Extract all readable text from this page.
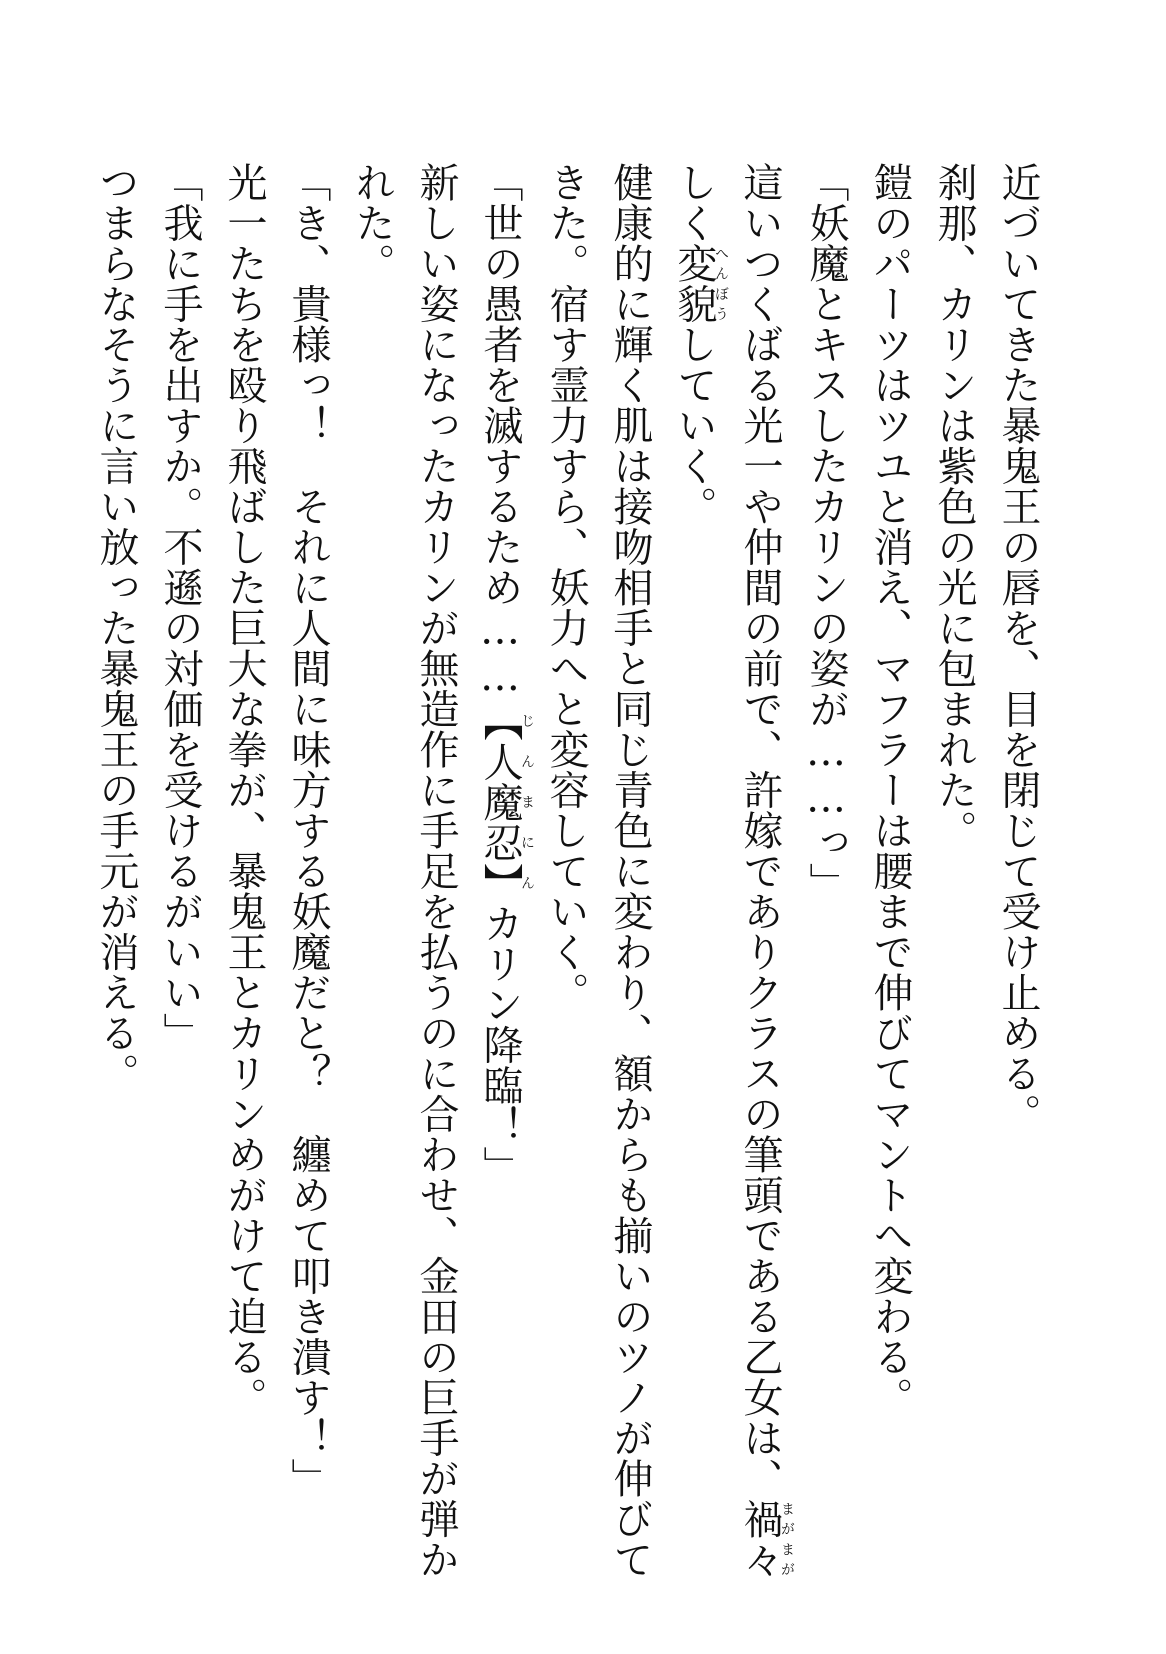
近づいてきた暴鬼王の唇を、目を閉じて受け止める。
刹那、カリンは紫色の光に包まれた。
鎧のパーツはツユと消え、マフラーは腰まで伸びてマントへ変わる。
「妖魔とキスしたカリンの姿が……っ」
這いつくばる光一や仲間の前で、許嫁でありクラスの筆頭である乙女は、禍々まがまが
しく変貌へんぼうしていく。
健康的に輝く肌は接吻相手と同じ青色に変わり、額からも揃いのツノが伸びて
きた。宿す霊力すら、妖力へと変容していく。
「世の愚者を滅するため……【人魔忍】じんまにんカリン降臨！」
新しい姿になったカリンが無造作に手足を払うのに合わせ、金田の巨手が弾か
れた。
「き、貴様っ！　それに人間に味方する妖魔だと？　纏めて叩き潰す！」
光一たちを殴り飛ばした巨大な拳が、暴鬼王とカリンめがけて迫る。
「我に手を出すか。不遜の対価を受けるがいい」
つまらなそうに言い放った暴鬼王の手元が消える。
